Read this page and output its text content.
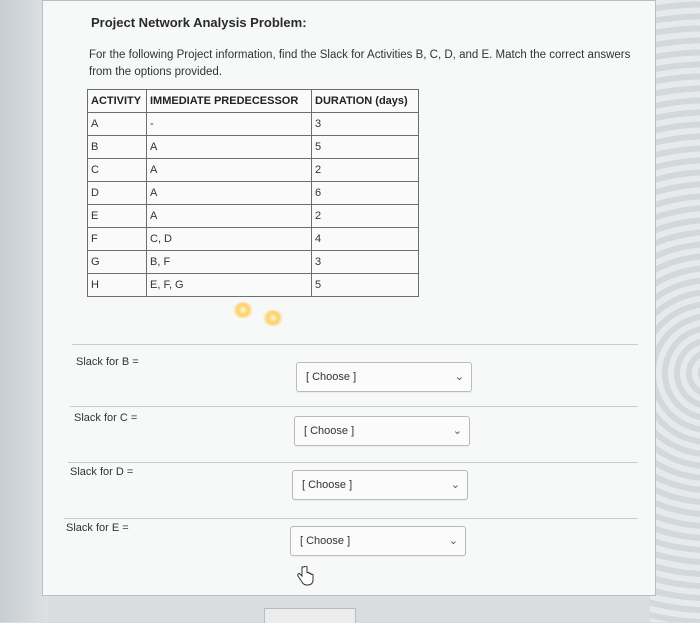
Project Network Analysis Problem:
For the following Project information, find the Slack for Activities B, C, D, and E. Match the correct answers from the options provided.
ACTIVITY	IMMEDIATE PREDECESSOR	DURATION (days)
A	-	3
B	A	5
C	A	2
D	A	6
E	A	2
F	C, D	4
G	B, F	3
H	E, F, G	5
Slack for B =
[ Choose ]	⌄
Slack for C =
[ Choose ]	⌄
Slack for D =
[ Choose ]	⌄
Slack for E =
[ Choose ]	⌄
